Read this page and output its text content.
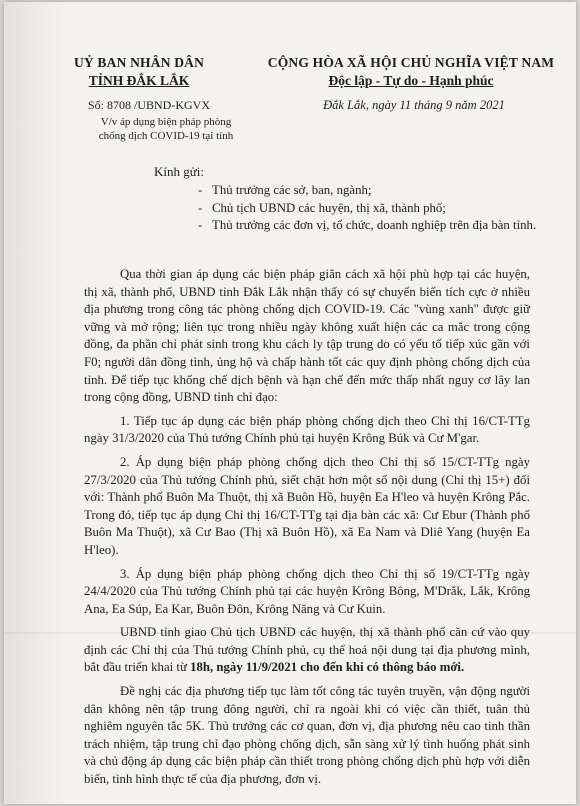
UỶ BAN NHÂN DÂN
TỈNH ĐẮK LẮK
CỘNG HÒA XÃ HỘI CHỦ NGHĨA VIỆT NAM
Độc lập - Tự do - Hạnh phúc
Số: 8708 /UBND-KGVX
V/v áp dụng biện pháp phòng
chống dịch COVID-19 tại tỉnh
Đắk Lắk, ngày 11 tháng 9 năm 2021
Kính gửi:
- Thủ trưởng các sở, ban, ngành;
- Chủ tịch UBND các huyện, thị xã, thành phố;
- Thủ trưởng các đơn vị, tổ chức, doanh nghiệp trên địa bàn tỉnh.

Qua thời gian áp dụng các biện pháp giãn cách xã hội phù hợp tại các huyện, thị xã, thành phố, UBND tỉnh Đắk Lắk nhận thấy có sự chuyển biến tích cực ở nhiều địa phương trong công tác phòng chống dịch COVID-19. Các "vùng xanh" được giữ vững và mở rộng; liên tục trong nhiều ngày không xuất hiện các ca mắc trong cộng đồng, đa phần chỉ phát sinh trong khu cách ly tập trung do có yếu tố tiếp xúc gần với F0; người dân đồng tình, ủng hộ và chấp hành tốt các quy định phòng chống dịch của tỉnh. Để tiếp tục khống chế dịch bệnh và hạn chế đến mức thấp nhất nguy cơ lây lan trong cộng đồng, UBND tỉnh chỉ đạo:

1. Tiếp tục áp dụng các biện pháp phòng chống dịch theo Chỉ thị 16/CT-TTg ngày 31/3/2020 của Thủ tướng Chính phủ tại huyện Krông Búk và Cư M'gar.

2. Áp dụng biện pháp phòng chống dịch theo Chỉ thị số 15/CT-TTg ngày 27/3/2020 của Thủ tướng Chính phủ, siết chặt hơn một số nội dung (Chỉ thị 15+) đối với: Thành phố Buôn Ma Thuột, thị xã Buôn Hồ, huyện Ea H'leo và huyện Krông Pắc. Trong đó, tiếp tục áp dụng Chỉ thị 16/CT-TTg tại địa bàn các xã: Cư Ebur (Thành phố Buôn Ma Thuột), xã Cư Bao (Thị xã Buôn Hồ), xã Ea Nam và Dliê Yang (huyện Ea H'leo).

3. Áp dụng biện pháp phòng chống dịch theo Chỉ thị số 19/CT-TTg ngày 24/4/2020 của Thủ tướng Chính phủ tại các huyện Krông Bông, M'Drắk, Lắk, Krông Ana, Ea Súp, Ea Kar, Buôn Đôn, Krông Năng và Cư Kuin.

UBND tỉnh giao Chủ tịch UBND các huyện, thị xã thành phố căn cứ vào quy định các Chỉ thị của Thủ tướng Chính phủ, cụ thể hoá nội dung tại địa phương mình, bắt đầu triển khai từ 18h, ngày 11/9/2021 cho đến khi có thông báo mới.

Đề nghị các địa phương tiếp tục làm tốt công tác tuyên truyền, vận động người dân không nên tập trung đông người, chỉ ra ngoài khi có việc cần thiết, tuân thủ nghiêm nguyên tắc 5K. Thủ trưởng các cơ quan, đơn vị, địa phương nêu cao tinh thần trách nhiệm, tập trung chỉ đạo phòng chống dịch, sẵn sàng xử lý tình huống phát sinh và chủ động áp dụng các biện pháp cần thiết trong phòng chống dịch phù hợp với diễn biến, tình hình thực tế của địa phương, đơn vị.
